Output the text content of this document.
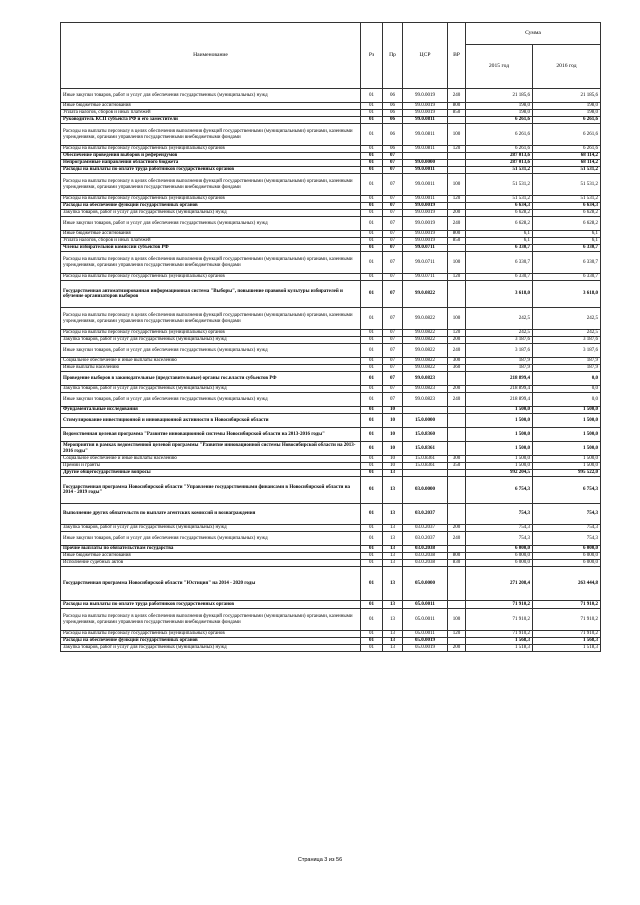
Наименование	Рз	Пр	ЦСР	ВР	Сумма	
					2015 год	2016 год
Иные закупки товаров, работ и услуг для обеспечения государственных (муниципальных) нужд	01	06	99.0.0019	240	21 185,6	21 185,6
Иные бюджетные ассигнования	01	06	99.0.0019	800	198,0	198,0
Уплата налогов, сборов и иных платежей	01	06	99.0.0019	850	198,0	198,0
Руководитель КСП субъекта РФ и его заместители	01	06	99.0.0811		6 261,6	6 261,6
Расходы на выплаты персоналу в целях обеспечения выполнения функций государственными (муниципальными) органами, казенными учреждениями, органами управления государственными внебюджетными фондами	01	06	99.0.0811	100	6 261,6	6 261,6
Расходы на выплаты персоналу государственных (муниципальных) органов	01	06	99.0.0811	120	6 261,6	6 261,6
Обеспечение проведения выборов и референдумов	01	07			287 013,6	68 114,2
Непрограммные направления областного бюджета	01	07	99.0.0000		287 013,6	68 114,2
Расходы на выплаты по оплате труда работников государственных органов	01	07	99.0.0011		51 531,2	51 531,2
Расходы на выплаты персоналу в целях обеспечения выполнения функций государственными (муниципальными) органами, казенными учреждениями, органами управления государственными внебюджетными фондами	01	07	99.0.0011	100	51 531,2	51 531,2
Расходы на выплаты персоналу государственных (муниципальных) органов	01	07	99.0.0011	120	51 531,2	51 531,2
Расходы на обеспечение функций государственных органов	01	07	99.0.0019		6 634,3	6 634,3
Закупка товаров, работ и услуг для государственных (муниципальных) нужд	01	07	99.0.0019	200	6 628,2	6 628,2
Иные закупки товаров, работ и услуг для обеспечения государственных (муниципальных) нужд	01	07	99.0.0019	240	6 628,2	6 628,2
Иные бюджетные ассигнования	01	07	99.0.0019	800	6,1	6,1
Уплата налогов, сборов и иных платежей	01	07	99.0.0019	850	6,1	6,1
Члены избирательной комиссии субъектов РФ	01	07	99.0.0711		6 330,7	6 330,7
Расходы на выплаты персоналу в целях обеспечения выполнения функций государственными (муниципальными) органами, казенными учреждениями, органами управления государственными внебюджетными фондами	01	07	99.0.0711	100	6 330,7	6 330,7
Расходы на выплаты персоналу государственных (муниципальных) органов	01	07	99.0.0711	120	6 330,7	6 330,7
Государственная автоматизированная информационная система "Выборы", повышение правовой культуры избирателей и обучение организаторов выборов	01	07	99.0.0822		3 618,0	3 618,0
Расходы на выплаты персоналу в целях обеспечения выполнения функций государственными (муниципальными) органами, казенными учреждениями, органами управления государственными внебюджетными фондами	01	07	99.0.0822	100	242,5	242,5
Расходы на выплаты персоналу государственных (муниципальных) органов	01	07	99.0.0822	120	242,5	242,5
Закупка товаров, работ и услуг для государственных (муниципальных) нужд	01	07	99.0.0822	200	3 187,6	3 187,6
Иные закупки товаров, работ и услуг для обеспечения государственных (муниципальных) нужд	01	07	99.0.0822	240	3 187,6	3 187,6
Социальное обеспечение и иные выплаты населению	01	07	99.0.0822	300	187,9	187,9
Иные выплаты населению	01	07	99.0.0822	360	187,9	187,9
Проведение выборов в законодательные (представительные) органы гос.власти субъектов РФ	01	07	99.0.0823		218 899,4	0,0
Закупка товаров, работ и услуг для государственных (муниципальных) нужд	01	07	99.0.0823	200	218 899,4	0,0
Иные закупки товаров, работ и услуг для обеспечения государственных (муниципальных) нужд	01	07	99.0.0823	240	218 899,4	0,0
Фундаментальные исследования	01	10			1 500,0	1 500,0
Стимулирование инвестиционной и инновационной активности в Новосибирской области	01	10	15.0.0000		1 500,0	1 500,0
Ведомственная целевая программа "Развитие инновационной системы Новосибирской области на 2013-2016 годы"	01	10	15.0.8360		1 500,0	1 500,0
Мероприятия в рамках ведомственной целевой программы "Развитие инновационной системы Новосибирской области на 2013-2016 годы"	01	10	15.0.8361		1 500,0	1 500,0
Социальное обеспечение и иные выплаты населению	01	10	15.0.8361	300	1 500,0	1 500,0
Премии и гранты	01	10	15.0.8361	350	1 500,0	1 500,0
Другие общегосударственные вопросы	01	13			992 204,5	995 522,0
Государственная программа Новосибирской области "Управление государственными финансами в Новосибирской области на 2014 - 2019 годы"	01	13	03.0.0000		6 754,3	6 754,3
Выполнение других обязательств по выплате агентских комиссий и вознаграждения	01	13	03.0.2037		754,3	754,3
Закупка товаров, работ и услуг для государственных (муниципальных) нужд	01	13	03.0.2037	200	754,3	754,3
Иные закупки товаров, работ и услуг для обеспечения государственных (муниципальных) нужд	01	13	03.0.2037	240	754,3	754,3
Прочие выплаты по обязательствам государства	01	13	03.0.2038		6 000,0	6 000,0
Иные бюджетные ассигнования	01	13	03.0.2038	800	6 000,0	6 000,0
Исполнение судебных актов	01	13	03.0.2038	830	6 000,0	6 000,0
Государственная программа Новосибирской области "Юстиция" на 2014 - 2020 годы	01	13	05.0.0000		271 208,4	263 444,8
Расходы на выплаты по оплате труда работников государственных органов	01	13	05.0.0011		71 910,2	71 910,2
Расходы на выплаты персоналу в целях обеспечения выполнения функций государственными (муниципальными) органами, казенными учреждениями, органами управления государственными внебюджетными фондами	01	13	05.0.0011	100	71 910,2	71 910,2
Расходы на выплаты персоналу государственных (муниципальных) органов	01	13	05.0.0011	120	71 910,2	71 910,2
Расходы на обеспечение функций государственных органов	01	13	05.0.0019		1 568,3	1 568,3
Закупка товаров, работ и услуг для государственных (муниципальных) нужд	01	13	05.0.0019	200	1 518,3	1 518,3
Страница 3 из 56
